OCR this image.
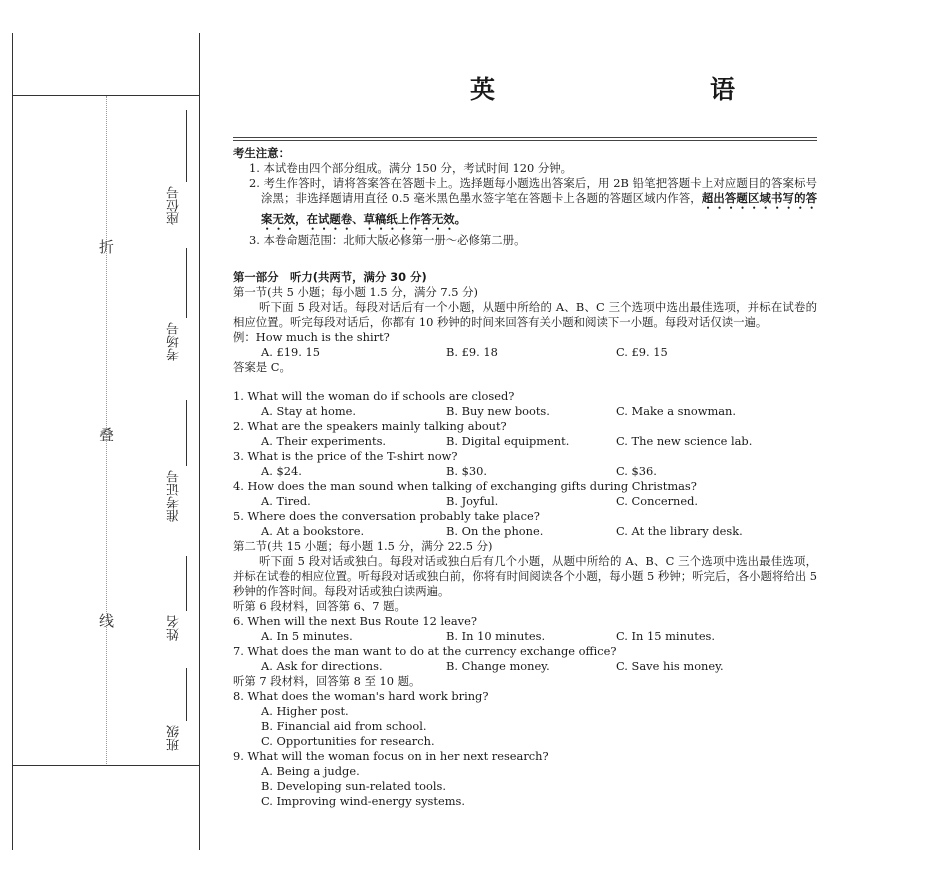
折
叠
线
座位号
考场号
准考证号
姓名
班级
英　　语
考生注意：
1. 本试卷由四个部分组成。满分 150 分，考试时间 120 分钟。
2. 考生作答时，请将答案答在答题卡上。选择题每小题选出答案后，用 2B 铅笔把答题卡上对应题目的答案标号涂黑；非选择题请用直径 0.5 毫米黑色墨水签字笔在答题卡上各题的答题区域内作答，超出答题区域书写的答案无效，在试题卷、草稿纸上作答无效。
3. 本卷命题范围：北师大版必修第一册～必修第二册。
第一部分　听力(共两节，满分 30 分)
第一节(共 5 小题；每小题 1.5 分，满分 7.5 分)
听下面 5 段对话。每段对话后有一个小题，从题中所给的 A、B、C 三个选项中选出最佳选项，并标在试卷的相应位置。听完每段对话后，你都有 10 秒钟的时间来回答有关小题和阅读下一小题。每段对话仅读一遍。
例：How much is the shirt?
A. £19. 15	B. £9. 18	C. £9. 15
答案是 C。
1. What will the woman do if schools are closed?
A. Stay at home.	B. Buy new boots.	C. Make a snowman.
2. What are the speakers mainly talking about?
A. Their experiments.	B. Digital equipment.	C. The new science lab.
3. What is the price of the T-shirt now?
A. $24.	B. $30.	C. $36.
4. How does the man sound when talking of exchanging gifts during Christmas?
A. Tired.	B. Joyful.	C. Concerned.
5. Where does the conversation probably take place?
A. At a bookstore.	B. On the phone.	C. At the library desk.
第二节(共 15 小题；每小题 1.5 分，满分 22.5 分)
听下面 5 段对话或独白。每段对话或独白后有几个小题，从题中所给的 A、B、C 三个选项中选出最佳选项，并标在试卷的相应位置。听每段对话或独白前，你将有时间阅读各个小题，每小题 5 秒钟；听完后，各小题将给出 5 秒钟的作答时间。每段对话或独白读两遍。
听第 6 段材料，回答第 6、7 题。
6. When will the next Bus Route 12 leave?
A. In 5 minutes.	B. In 10 minutes.	C. In 15 minutes.
7. What does the man want to do at the currency exchange office?
A. Ask for directions.	B. Change money.	C. Save his money.
听第 7 段材料，回答第 8 至 10 题。
8. What does the woman's hard work bring?
A. Higher post.
B. Financial aid from school.
C. Opportunities for research.
9. What will the woman focus on in her next research?
A. Being a judge.
B. Developing sun-related tools.
C. Improving wind-energy systems.
